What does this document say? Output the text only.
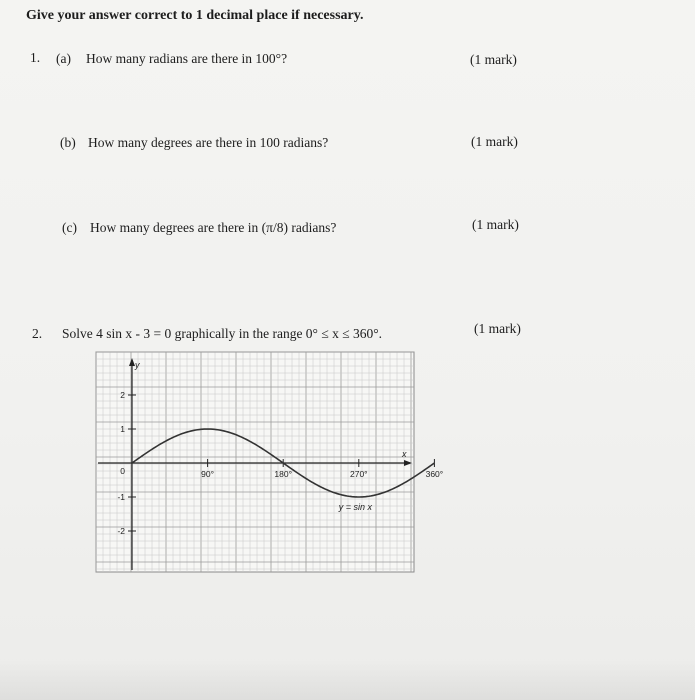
Give your answer correct to 1 decimal place if necessary.
1. (a) How many radians are there in 100°?	(1 mark)
(b) How many degrees are there in 100 radians?	(1 mark)
(c) How many degrees are there in (π/8) radians?	(1 mark)
2. Solve 4 sin x - 3 = 0 graphically in the range 0° ≤ x ≤ 360°.	(1 mark)
90°	180°	270°	360°
2
1
0
-1
-2
y = sin x
x
y
